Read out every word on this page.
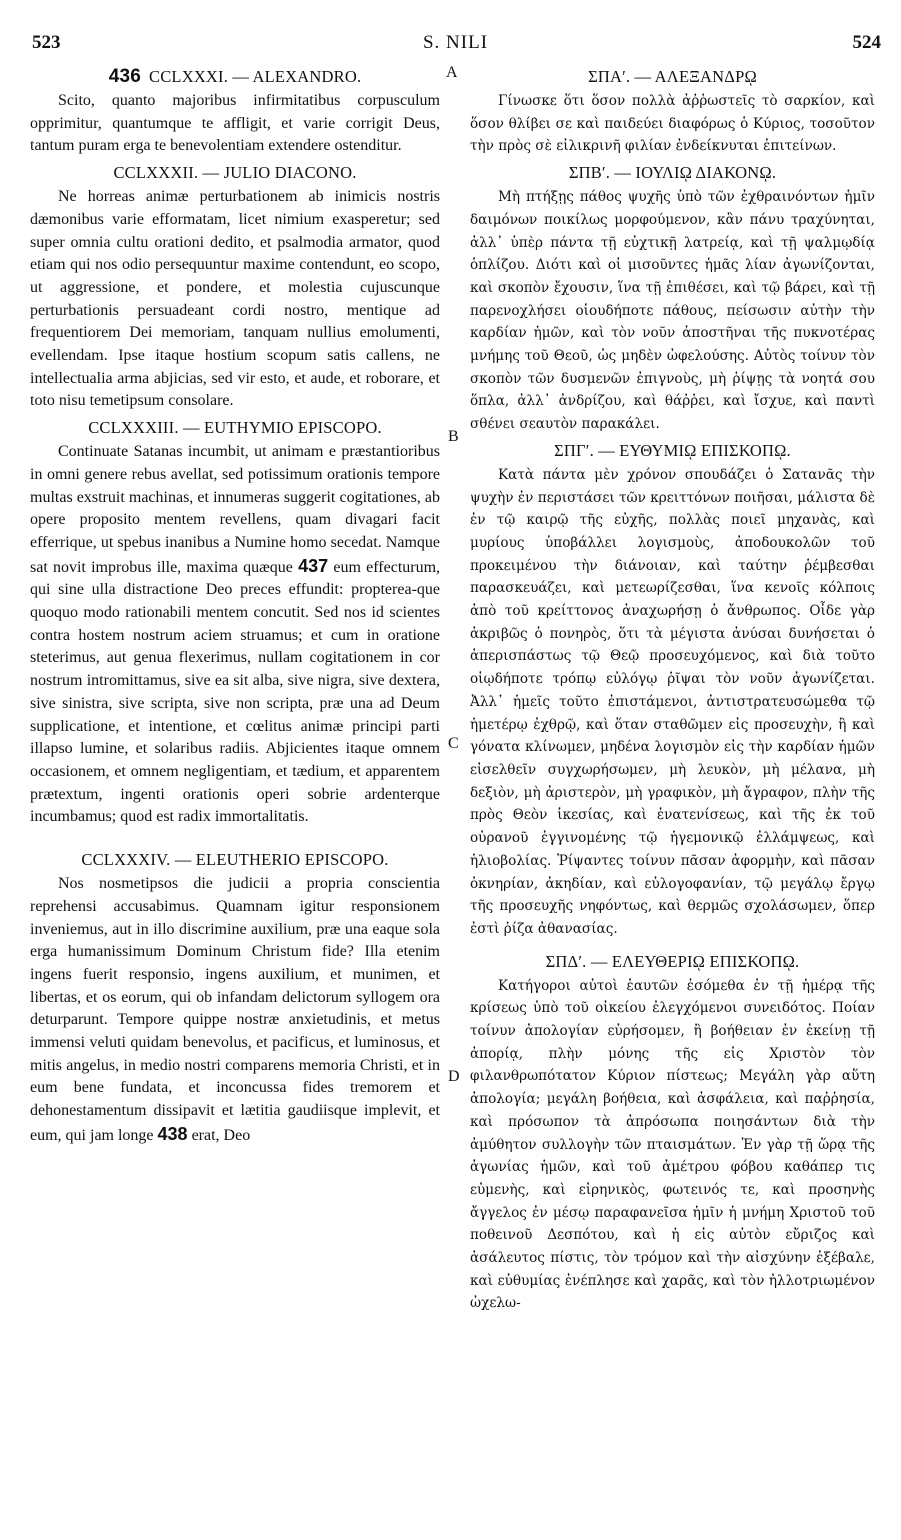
523	S. NILI	524
436 CCLXXXI. — ALEXANDRO.

Scito, quanto majoribus infirmitatibus corpusculum opprimitur, quantumque te affligit, et varie corrigit Deus, tantum puram erga te benevolentiam extendere ostenditur.

CCLXXXII. — JULIO DIACONO.

Ne horreas animæ perturbationem ab inimicis nostris dæmonibus varie efformatam, licet nimium exasperetur; sed super omnia cultu orationi dedito, et psalmodia armator, quod etiam qui nos odio persequuntur maxime contendunt, eo scopo, ut aggressione, et pondere, et molestia cujuscunque perturbationis persuadeant cordi nostro, mentique ad frequentiorem Dei memoriam, tanquam nullius emolumenti, evellendam. Ipse itaque hostium scopum satis callens, ne intellectualia arma abjicias, sed vir esto, et aude, et roborare, et toto nisu temetipsum consolare.

CCLXXXIII. — EUTHYMIO EPISCOPO.

Continuate Satanas incumbit, ut animam e præstantioribus in omni genere rebus avellat, sed potissimum orationis tempore multas exstruit machinas, et innumeras suggerit cogitationes, ab opere proposito mentem revellens, quam divagari facit efferrique, ut spebus inanibus a Numine homo secedat. Namque sat novit improbus ille, maxima quæque 437 eum effecturum, qui sine ulla distractione Deo preces effundit: propterea-que quoquo modo rationabili mentem concutit. Sed nos id scientes contra hostem nostrum aciem struamus; et cum in oratione steterimus, aut genua flexerimus, nullam cogitationem in cor nostrum intromittamus, sive ea sit alba, sive nigra, sive dextera, sive sinistra, sive scripta, sive non scripta, præ una ad Deum supplicatione, et intentione, et cœlitus animæ principi parti illapso lumine, et solaribus radiis. Abjicientes itaque omnem occasionem, et omnem negligentiam, et tædium, et apparentem prætextum, ingenti orationis operi sobrie ardenterque incumbamus; quod est radix immortalitatis.

CCLXXXIV. — ELEUTHERIO EPISCOPO.

Nos nosmetipsos die judicii a propria conscientia reprehensi accusabimus. Quamnam igitur responsionem inveniemus, aut in illo discrimine auxilium, præ una eaque sola erga humanissimum Dominum Christum fide? Illa etenim ingens fuerit responsio, ingens auxilium, et munimen, et libertas, et os eorum, qui ob infandam delictorum syllogem ora deturparunt. Tempore quippe nostræ anxietudinis, et metus immensi veluti quidam benevolus, et pacificus, et luminosus, et mitis angelus, in medio nostri comparens memoria Christi, et in eum bene fundata, et inconcussa fides tremorem et dehonestamentum dissipavit et lætitia gaudiisque implevit, et eum, qui jam longe 438 erat, Deo

A
B
C
D
ΣΠΑʹ. — ΑΛΕΞΑΝΔΡῼ

Γίνωσκε ὅτι ὅσον πολλὰ ἀῤῥωστεῖς τὸ σαρκίον, καὶ ὅσον θλίβει σε καὶ παιδεύει διαφόρως ὁ Κύριος, τοσοῦτον τὴν πρὸς σὲ εἰλικρινῆ φιλίαν ἐνδείκνυται ἐπιτείνων.

ΣΠΒʹ. — ΙΟΥΛΙῼ ΔΙΑΚΟΝῼ.

Μὴ πτήξῃς πάθος ψυχῆς ὑπὸ τῶν ἐχθραινόντων ἡμῖν δαιμόνων ποικίλως μορφούμενον, κἂν πάνυ τραχύνηται, ἀλλ᾽ ὑπὲρ πάντα τῇ εὐχτικῇ λατρείᾳ, καὶ τῇ ψαλμῳδίᾳ ὁπλίζου. Διότι καὶ οἱ μισοῦντες ἡμᾶς λίαν ἀγωνίζονται, καὶ σκοπὸν ἔχουσιν, ἵνα τῇ ἐπιθέσει, καὶ τῷ βάρει, καὶ τῇ παρενοχλήσει οἱουδήποτε πάθους, πείσωσιν αὐτὴν τὴν καρδίαν ἡμῶν, καὶ τὸν νοῦν ἀποστῆναι τῆς πυκνοτέρας μνήμης τοῦ Θεοῦ, ὡς μηδὲν ὠφελούσης. Αὐτὸς τοίνυν τὸν σκοπὸν τῶν δυσμενῶν ἐπιγνοὺς, μὴ ῥίψῃς τὰ νοητά σου ὅπλα, ἀλλ᾽ ἀνδρίζου, καὶ θάῤῥει, καὶ ἴσχυε, καὶ παντὶ σθένει σεαυτὸν παρακάλει.

ΣΠΓʹ. — ΕΥΘΥΜΙῼ ΕΠΙΣΚΟΠῼ.

Κατὰ πάντα μὲν χρόνον σπουδάζει ὁ Σατανᾶς τὴν ψυχὴν ἐν περιστάσει τῶν κρειττόνων ποιῆσαι, μάλιστα δὲ ἐν τῷ καιρῷ τῆς εὐχῆς, πολλὰς ποιεῖ μηχανὰς, καὶ μυρίους ὑποβάλλει λογισμοὺς, ἀποδουκολῶν τοῦ προκειμένου τὴν διάνοιαν, καὶ ταύτην ῥέμβεσθαι παρασκευάζει, καὶ μετεωρίζεσθαι, ἵνα κενοῖς κόλποις ἀπὸ τοῦ κρείττονος ἀναχωρήσῃ ὁ ἄνθρωπος. Οἶδε γὰρ ἀκριβῶς ὁ πονηρὸς, ὅτι τὰ μέγιστα ἀνύσαι δυνήσεται ὁ ἀπερισπάστως τῷ Θεῷ προσευχόμενος, καὶ διὰ τοῦτο οἱῳδήποτε τρόπῳ εὐλόγῳ ῥῖψαι τὸν νοῦν ἀγωνίζεται. Ἀλλ᾽ ἡμεῖς τοῦτο ἐπιστάμενοι, ἀντιστρατευσώμεθα τῷ ἡμετέρῳ ἐχθρῷ, καὶ ὅταν σταθῶμεν εἰς προσευχὴν, ἢ καὶ γόνατα κλίνωμεν, μηδένα λογισμὸν εἰς τὴν καρδίαν ἡμῶν εἰσελθεῖν συγχωρήσωμεν, μὴ λευκὸν, μὴ μέλανα, μὴ δεξιὸν, μὴ ἀριστερὸν, μὴ γραφικὸν, μὴ ἄγραφον, πλὴν τῆς πρὸς Θεὸν ἱκεσίας, καὶ ἐνατενίσεως, καὶ τῆς ἐκ τοῦ οὐρανοῦ ἐγγινομένης τῷ ἡγεμονικῷ ἐλλάμψεως, καὶ ἡλιοβολίας. Ῥίψαντες τοίνυν πᾶσαν ἀφορμὴν, καὶ πᾶσαν ὀκνηρίαν, ἀκηδίαν, καὶ εὐλογοφανίαν, τῷ μεγάλῳ ἔργῳ τῆς προσευχῆς νηφόντως, καὶ θερμῶς σχολάσωμεν, ὅπερ ἐστὶ ῥίζα ἀθανασίας.

ΣΠΔʹ. — ΕΛΕΥΘΕΡΙῼ ΕΠΙΣΚΟΠῼ.

Κατήγοροι αὐτοὶ ἑαυτῶν ἐσόμεθα ἐν τῇ ἡμέρᾳ τῆς κρίσεως ὑπὸ τοῦ οἰκείου ἐλεγχόμενοι συνειδότος. Ποίαν τοίνυν ἀπολογίαν εὑρήσομεν, ἢ βοήθειαν ἐν ἐκείνῃ τῇ ἀπορίᾳ, πλὴν μόνης τῆς εἰς Χριστὸν τὸν φιλανθρωπότατον Κύριον πίστεως; Μεγάλη γὰρ αὕτη ἀπολογία; μεγάλη βοήθεια, καὶ ἀσφάλεια, καὶ παῤῥησία, καὶ πρόσωπον τὰ ἀπρόσωπα ποιησάντων διὰ τὴν ἀμύθητον συλλογὴν τῶν πταισμάτων. Ἐν γὰρ τῇ ὥρᾳ τῆς ἀγωνίας ἡμῶν, καὶ τοῦ ἀμέτρου φόβου καθάπερ τις εὐμενὴς, καὶ εἰρηνικὸς, φωτεινός τε, καὶ προσηνὴς ἄγγελος ἐν μέσῳ παραφανεῖσα ἡμῖν ἡ μνήμη Χριστοῦ τοῦ ποθεινοῦ Δεσπότου, καὶ ἡ εἰς αὐτὸν εὔριζος καὶ ἀσάλευτος πίστις, τὸν τρόμον καὶ τὴν αἰσχύνην ἐξέβαλε, καὶ εὐθυμίας ἐνέπλησε καὶ χαρᾶς, καὶ τὸν ἠλλοτριωμένον ὠχελω-
